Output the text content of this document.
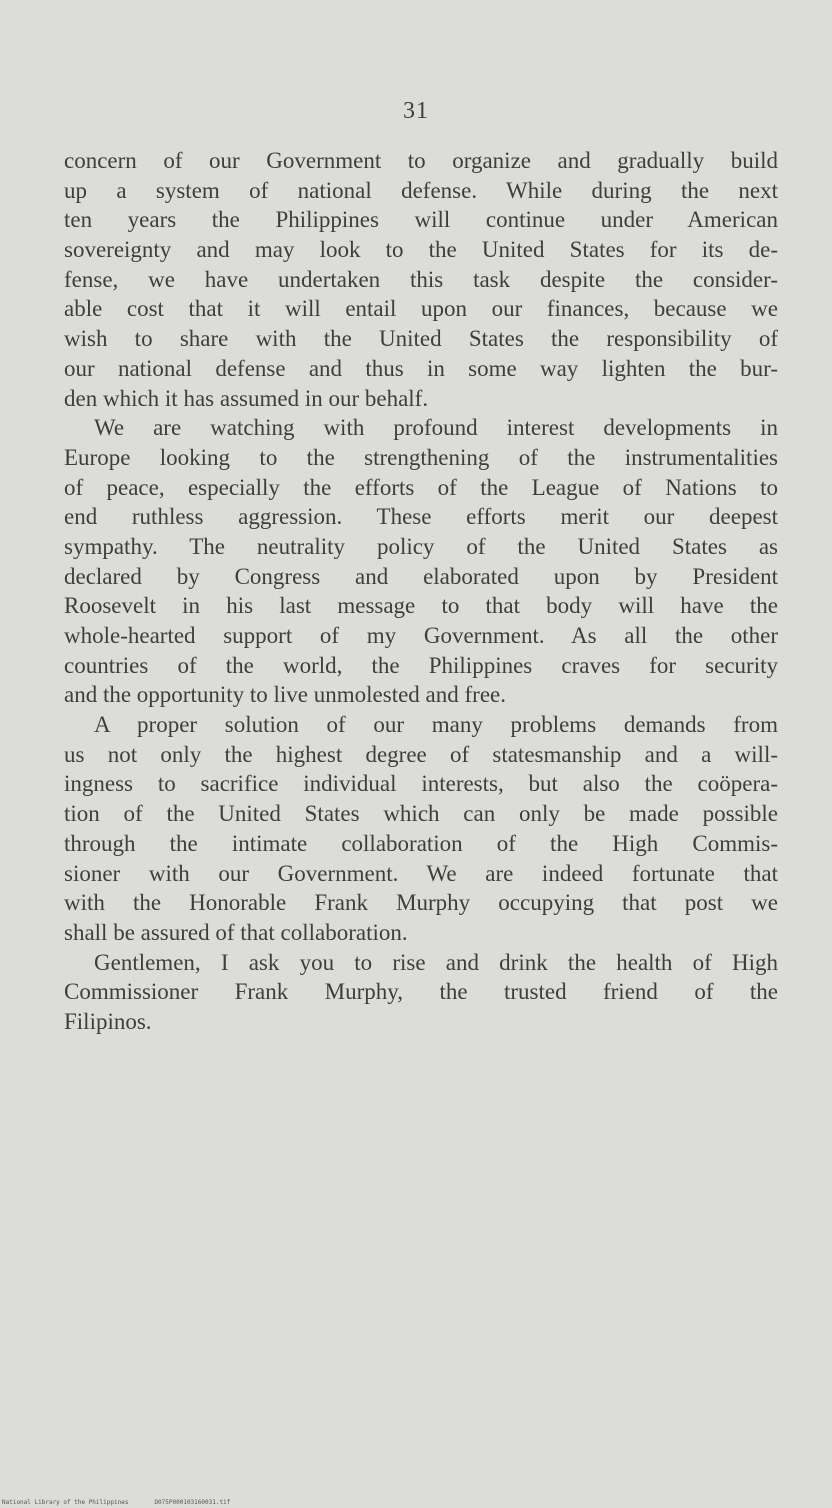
31
concern of our Government to organize and gradually build
up a system of national defense. While during the next
ten years the Philippines will continue under American
sovereignty and may look to the United States for its de-
fense, we have undertaken this task despite the consider-
able cost that it will entail upon our finances, because we
wish to share with the United States the responsibility of
our national defense and thus in some way lighten the bur-
den which it has assumed in our behalf.
We are watching with profound interest developments in
Europe looking to the strengthening of the instrumentalities
of peace, especially the efforts of the League of Nations to
end ruthless aggression. These efforts merit our deepest
sympathy. The neutrality policy of the United States as
declared by Congress and elaborated upon by President
Roosevelt in his last message to that body will have the
whole-hearted support of my Government. As all the other
countries of the world, the Philippines craves for security
and the opportunity to live unmolested and free.
A proper solution of our many problems demands from
us not only the highest degree of statesmanship and a will-
ingness to sacrifice individual interests, but also the coöpera-
tion of the United States which can only be made possible
through the intimate collaboration of the High Commis-
sioner with our Government. We are indeed fortunate that
with the Honorable Frank Murphy occupying that post we
shall be assured of that collaboration.
Gentlemen, I ask you to rise and drink the health of High
Commissioner Frank Murphy, the trusted friend of the
Filipinos.
National Library of the Philippines	D075P000103160031.tif
